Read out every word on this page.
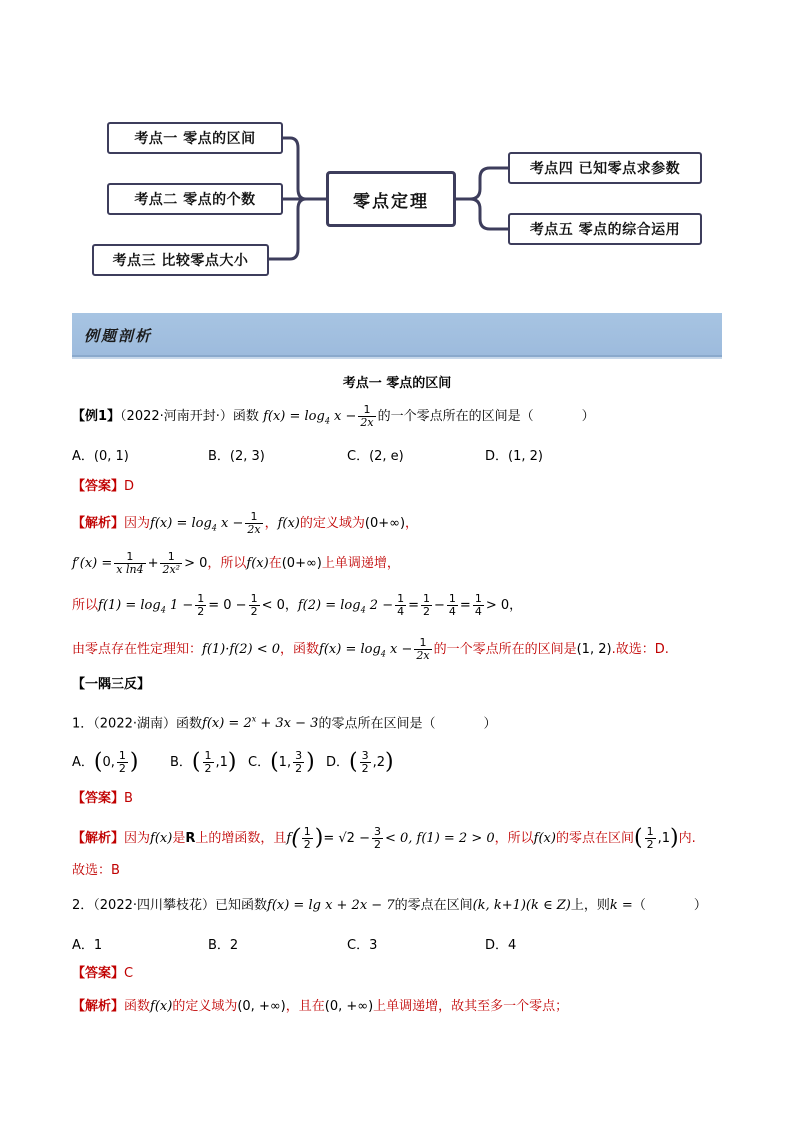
考点一 零点的区间
考点二 零点的个数
考点三 比较零点大小
零点定理
考点四 已知零点求参数
考点五 零点的综合运用
例题剖析
考点一 零点的区间
【例1】（2022·河南开封·）函数 $f(x) = \log_4 x - \frac{1}{2x}$ 的一个零点所在的区间是（	）
A．(0, 1)	B．(2, 3)	C．(2, e)	D．(1, 2)
【答案】D
【解析】因为$f(x) = \log_4 x - \frac{1}{2x}$ ，f(x)的定义域为(0+∞)，
$f'(x) = \frac{1}{\text{x ln4}} + \frac{1}{\text{2x²}} > 0$，所以f(x)在(0+∞)上单调递增，
所以$f(1) = \log_4 1 - \frac{1}{2} = 0 - \frac{1}{2} < 0$，$f(2) = \log_4 2 - \frac{1}{4} = \frac{1}{2} - \frac{1}{4} = \frac{1}{4} > 0$，
由零点存在性定理知：f(1)·f(2) < 0，函数$f(x) = \log_4 x - \frac{1}{2x}$ 的一个零点所在的区间是(1, 2).故选：D.
【一隅三反】
1．（2022·湖南）函数$f(x) = 2^x + 3x - 3$的零点所在区间是（	）
A．(0, $\frac{1}{2}$ ) B．( $\frac{1}{2} ,1$) C．(1, $\frac{3}{2}$ ) D．( $\frac{3}{2} ,2$)
【答案】B
【解析】因为f(x)是R上的增函数，且$f( \frac{1}{2}$ )= $√2 - \frac{3}{2} < 0$, f(1) = 2 > 0，所以f(x)的零点在区间( $\frac{1}{2} ,1$)内.
故选：B
2．（2022·四川攀枝花）已知函数f(x) = lg x + 2x − 7的零点在区间(k, k+1)(k ∈ Z)上，则k =（	）
A．1	B．2	C．3	D．4
【答案】C
【解析】函数f(x)的定义域为(0, +∞)，且在(0, +∞)上单调递增，故其至多一个零点；
